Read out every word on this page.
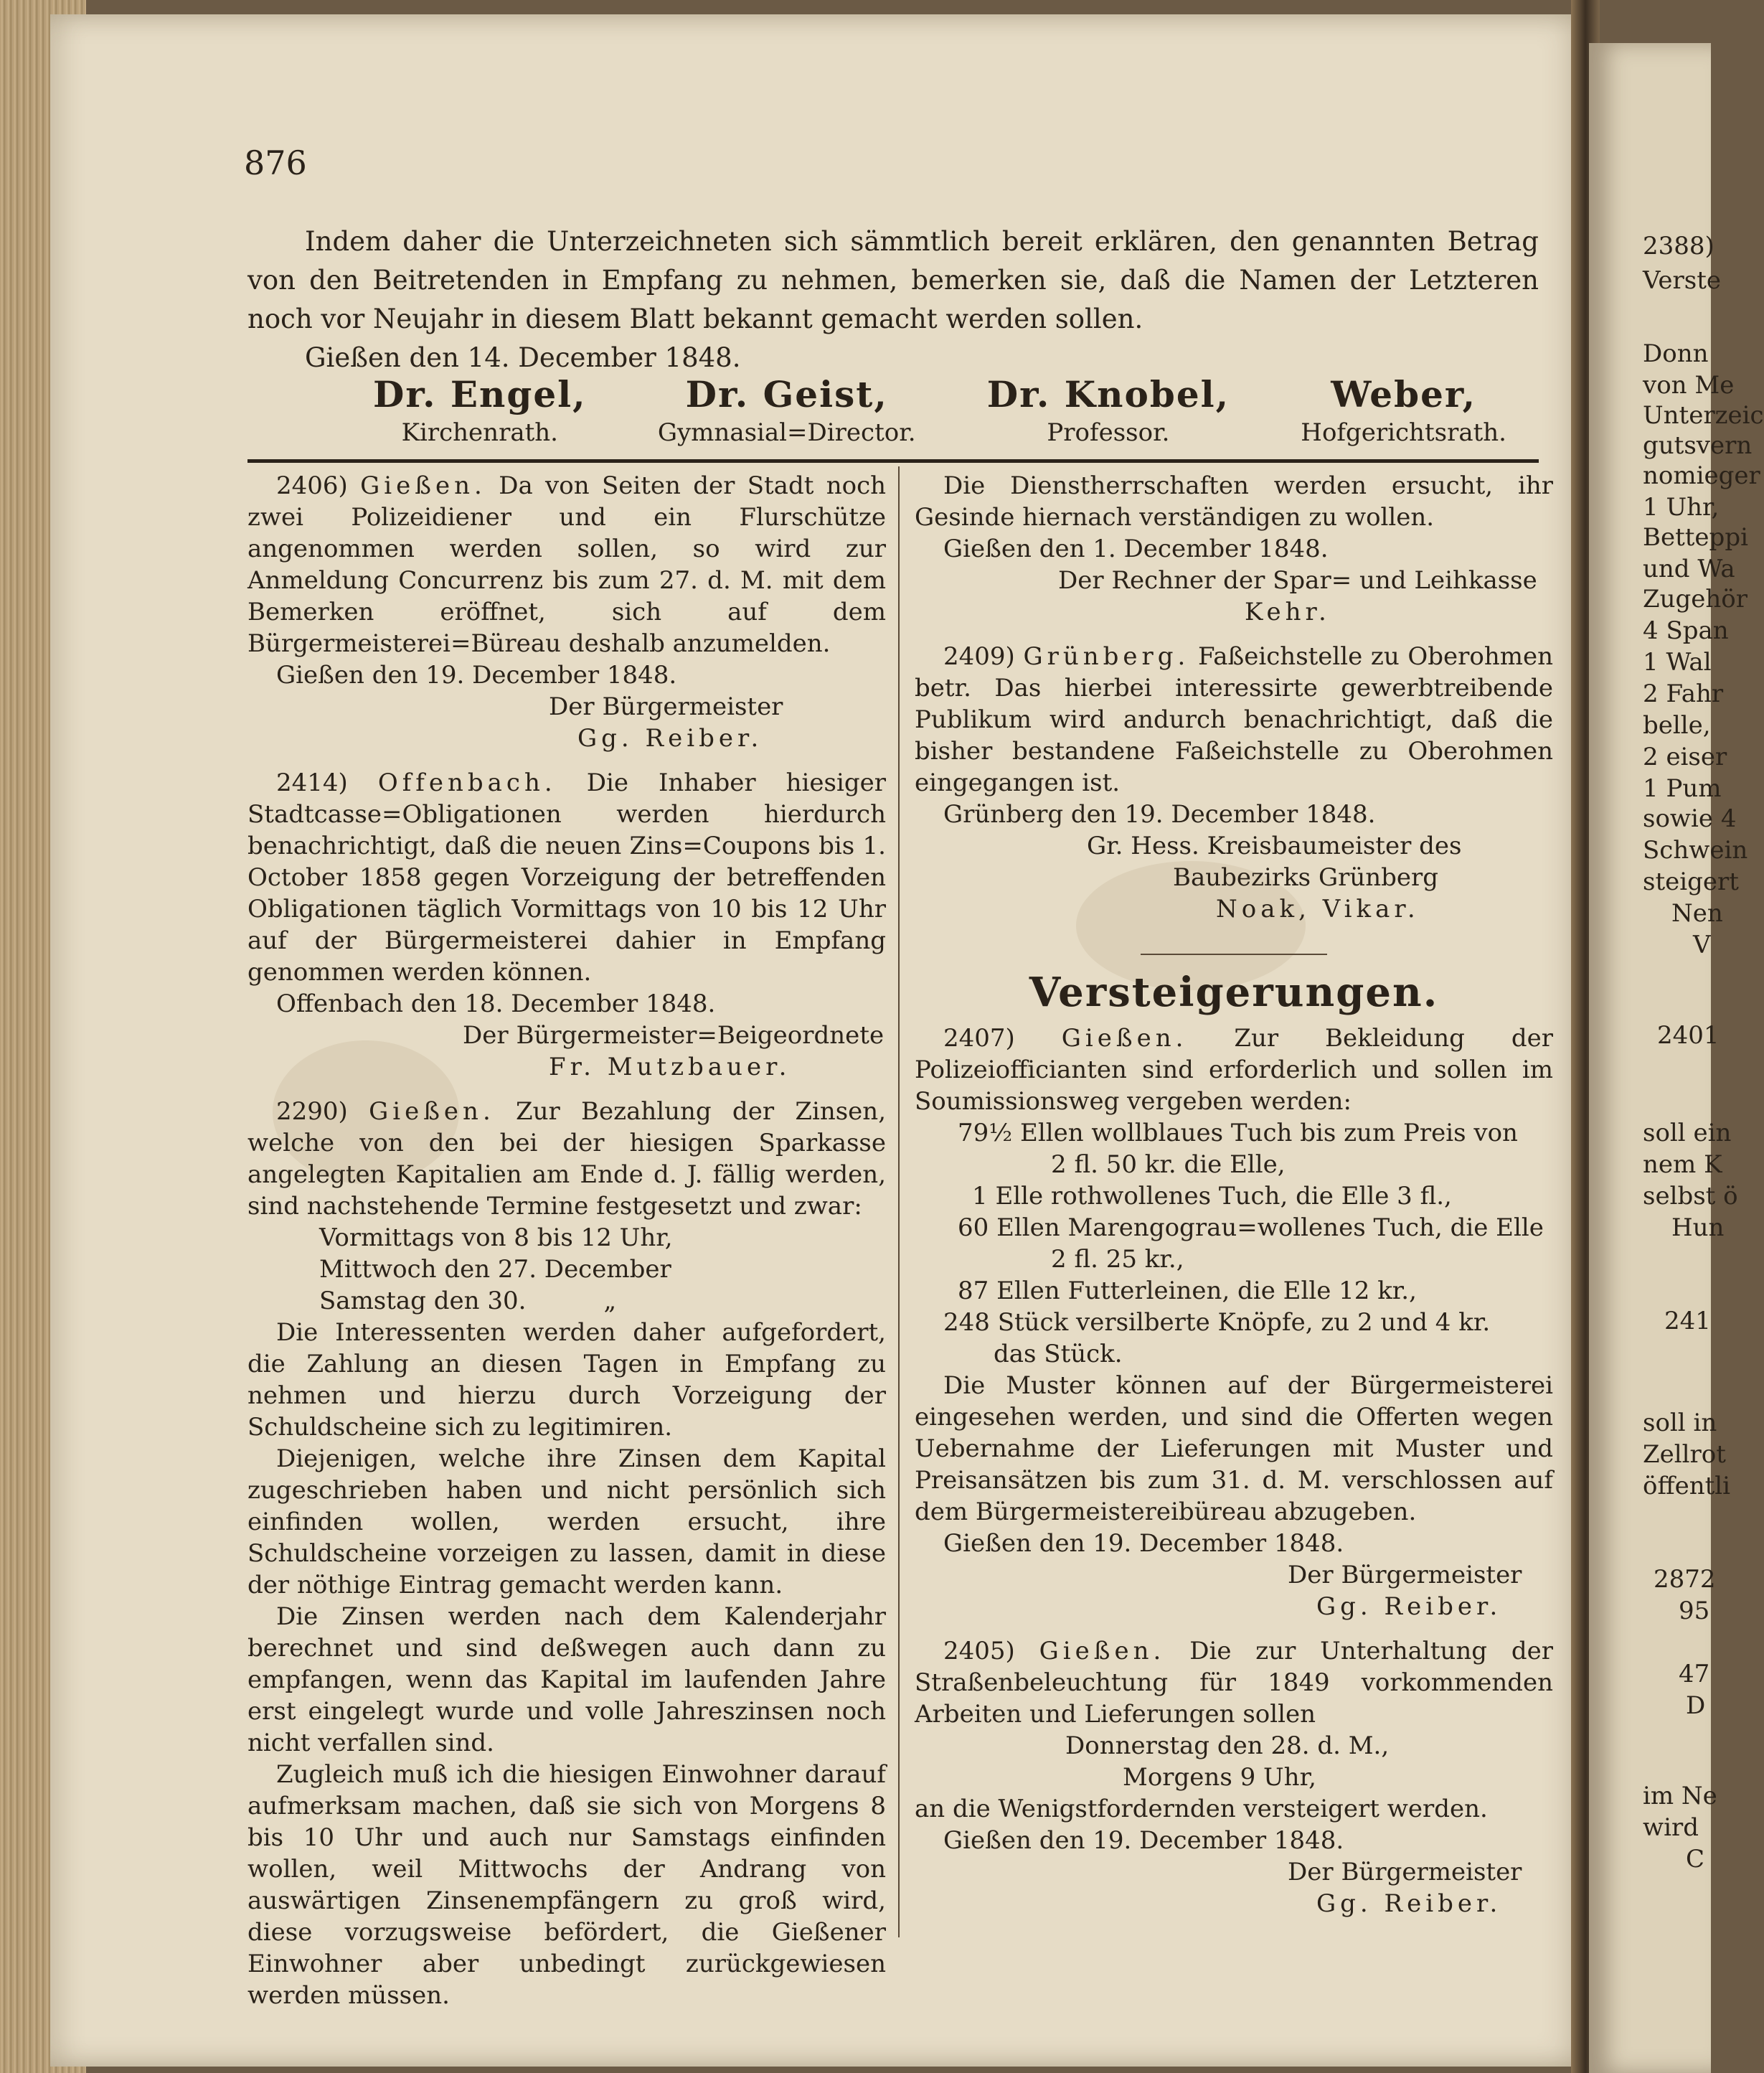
876

Indem daher die Unterzeichneten sich sämmtlich bereit erklären, den genannten Betrag von den Beitretenden in Empfang zu nehmen, bemerken sie, daß die Namen der Letzteren noch vor Neujahr in diesem Blatt bekannt gemacht werden sollen.

Gießen den 14. December 1848.

Dr. Engel,
Kirchenrath.
Dr. Geist,
Gymnasial=Director.
Dr. Knobel,
Professor.
Weber,
Hofgerichtsrath.

2406) Gießen. Da von Seiten der Stadt noch zwei Polizeidiener und ein Flurschütze angenommen werden sollen, so wird zur Anmeldung Concurrenz bis zum 27. d. M. mit dem Bemerken eröffnet, sich auf dem Bürgermeisterei=Büreau deshalb anzumelden.

Gießen den 19. December 1848.

Der Bürgermeister

Gg. Reiber.

2414) Offenbach. Die Inhaber hiesiger Stadtcasse=Obligationen werden hierdurch benachrichtigt, daß die neuen Zins=Coupons bis 1. October 1858 gegen Vorzeigung der betreffenden Obligationen täglich Vormittags von 10 bis 12 Uhr auf der Bürgermeisterei dahier in Empfang genommen werden können.

Offenbach den 18. December 1848.

Der Bürgermeister=Beigeordnete

Fr. Mutzbauer.

2290) Gießen. Zur Bezahlung der Zinsen, welche von den bei der hiesigen Sparkasse angelegten Kapitalien am Ende d. J. fällig werden, sind nachstehende Termine festgesetzt und zwar:

Vormittags von 8 bis 12 Uhr,

Mittwoch den 27. December

Samstag den 30.          „

Die Interessenten werden daher aufgefordert, die Zahlung an diesen Tagen in Empfang zu nehmen und hierzu durch Vorzeigung der Schuldscheine sich zu legitimiren.

Diejenigen, welche ihre Zinsen dem Kapital zugeschrieben haben und nicht persönlich sich einfinden wollen, werden ersucht, ihre Schuldscheine vorzeigen zu lassen, damit in diese der nöthige Eintrag gemacht werden kann.

Die Zinsen werden nach dem Kalenderjahr berechnet und sind deßwegen auch dann zu empfangen, wenn das Kapital im laufenden Jahre erst eingelegt wurde und volle Jahreszinsen noch nicht verfallen sind.

Zugleich muß ich die hiesigen Einwohner darauf aufmerksam machen, daß sie sich von Morgens 8 bis 10 Uhr und auch nur Samstags einfinden wollen, weil Mittwochs der Andrang von auswärtigen Zinsenempfängern zu groß wird, diese vorzugsweise befördert, die Gießener Einwohner aber unbedingt zurückgewiesen werden müssen.

Die Dienstherrschaften werden ersucht, ihr Gesinde hiernach verständigen zu wollen.

Gießen den 1. December 1848.

Der Rechner der Spar= und Leihkasse

Kehr.

2409) Grünberg. Faßeichstelle zu Oberohmen betr. Das hierbei interessirte gewerbtreibende Publikum wird andurch benachrichtigt, daß die bisher bestandene Faßeichstelle zu Oberohmen eingegangen ist.

Grünberg den 19. December 1848.

Gr. Hess. Kreisbaumeister des

Baubezirks Grünberg

Noak, Vikar.

Versteigerungen.

2407) Gießen. Zur Bekleidung der Polizeiofficianten sind erforderlich und sollen im Soumissionsweg vergeben werden:

79½ Ellen wollblaues Tuch bis zum Preis von

2 fl. 50 kr. die Elle,

1 Elle rothwollenes Tuch, die Elle 3 fl.,

60 Ellen Marengograu=wollenes Tuch, die Elle

2 fl. 25 kr.,

87 Ellen Futterleinen, die Elle 12 kr.,

248 Stück versilberte Knöpfe, zu 2 und 4 kr.

das Stück.

Die Muster können auf der Bürgermeisterei eingesehen werden, und sind die Offerten wegen Uebernahme der Lieferungen mit Muster und Preisansätzen bis zum 31. d. M. verschlossen auf dem Bürgermeistereibüreau abzugeben.

Gießen den 19. December 1848.

Der Bürgermeister

Gg. Reiber.

2405) Gießen. Die zur Unterhaltung der Straßenbeleuchtung für 1849 vorkommenden Arbeiten und Lieferungen sollen

Donnerstag den 28. d. M.,

Morgens 9 Uhr,

an die Wenigstfordernden versteigert werden.

Gießen den 19. December 1848.

Der Bürgermeister

Gg. Reiber.

2388)
Verste
Donn
von Me
Unterzeic
gutsvern
nomieger
1 Uhr,
Betteppi
und Wa
Zugehör
4 Span
1 Wal
2 Fahr
belle,
2 eiser
1 Pum
sowie 4
Schwein
steigert
Nen
V
2401
soll ein
nem K
selbst ö
Hun
241
soll in
Zellrot
öffentli
2872
95
47
D
im Ne
wird
C
